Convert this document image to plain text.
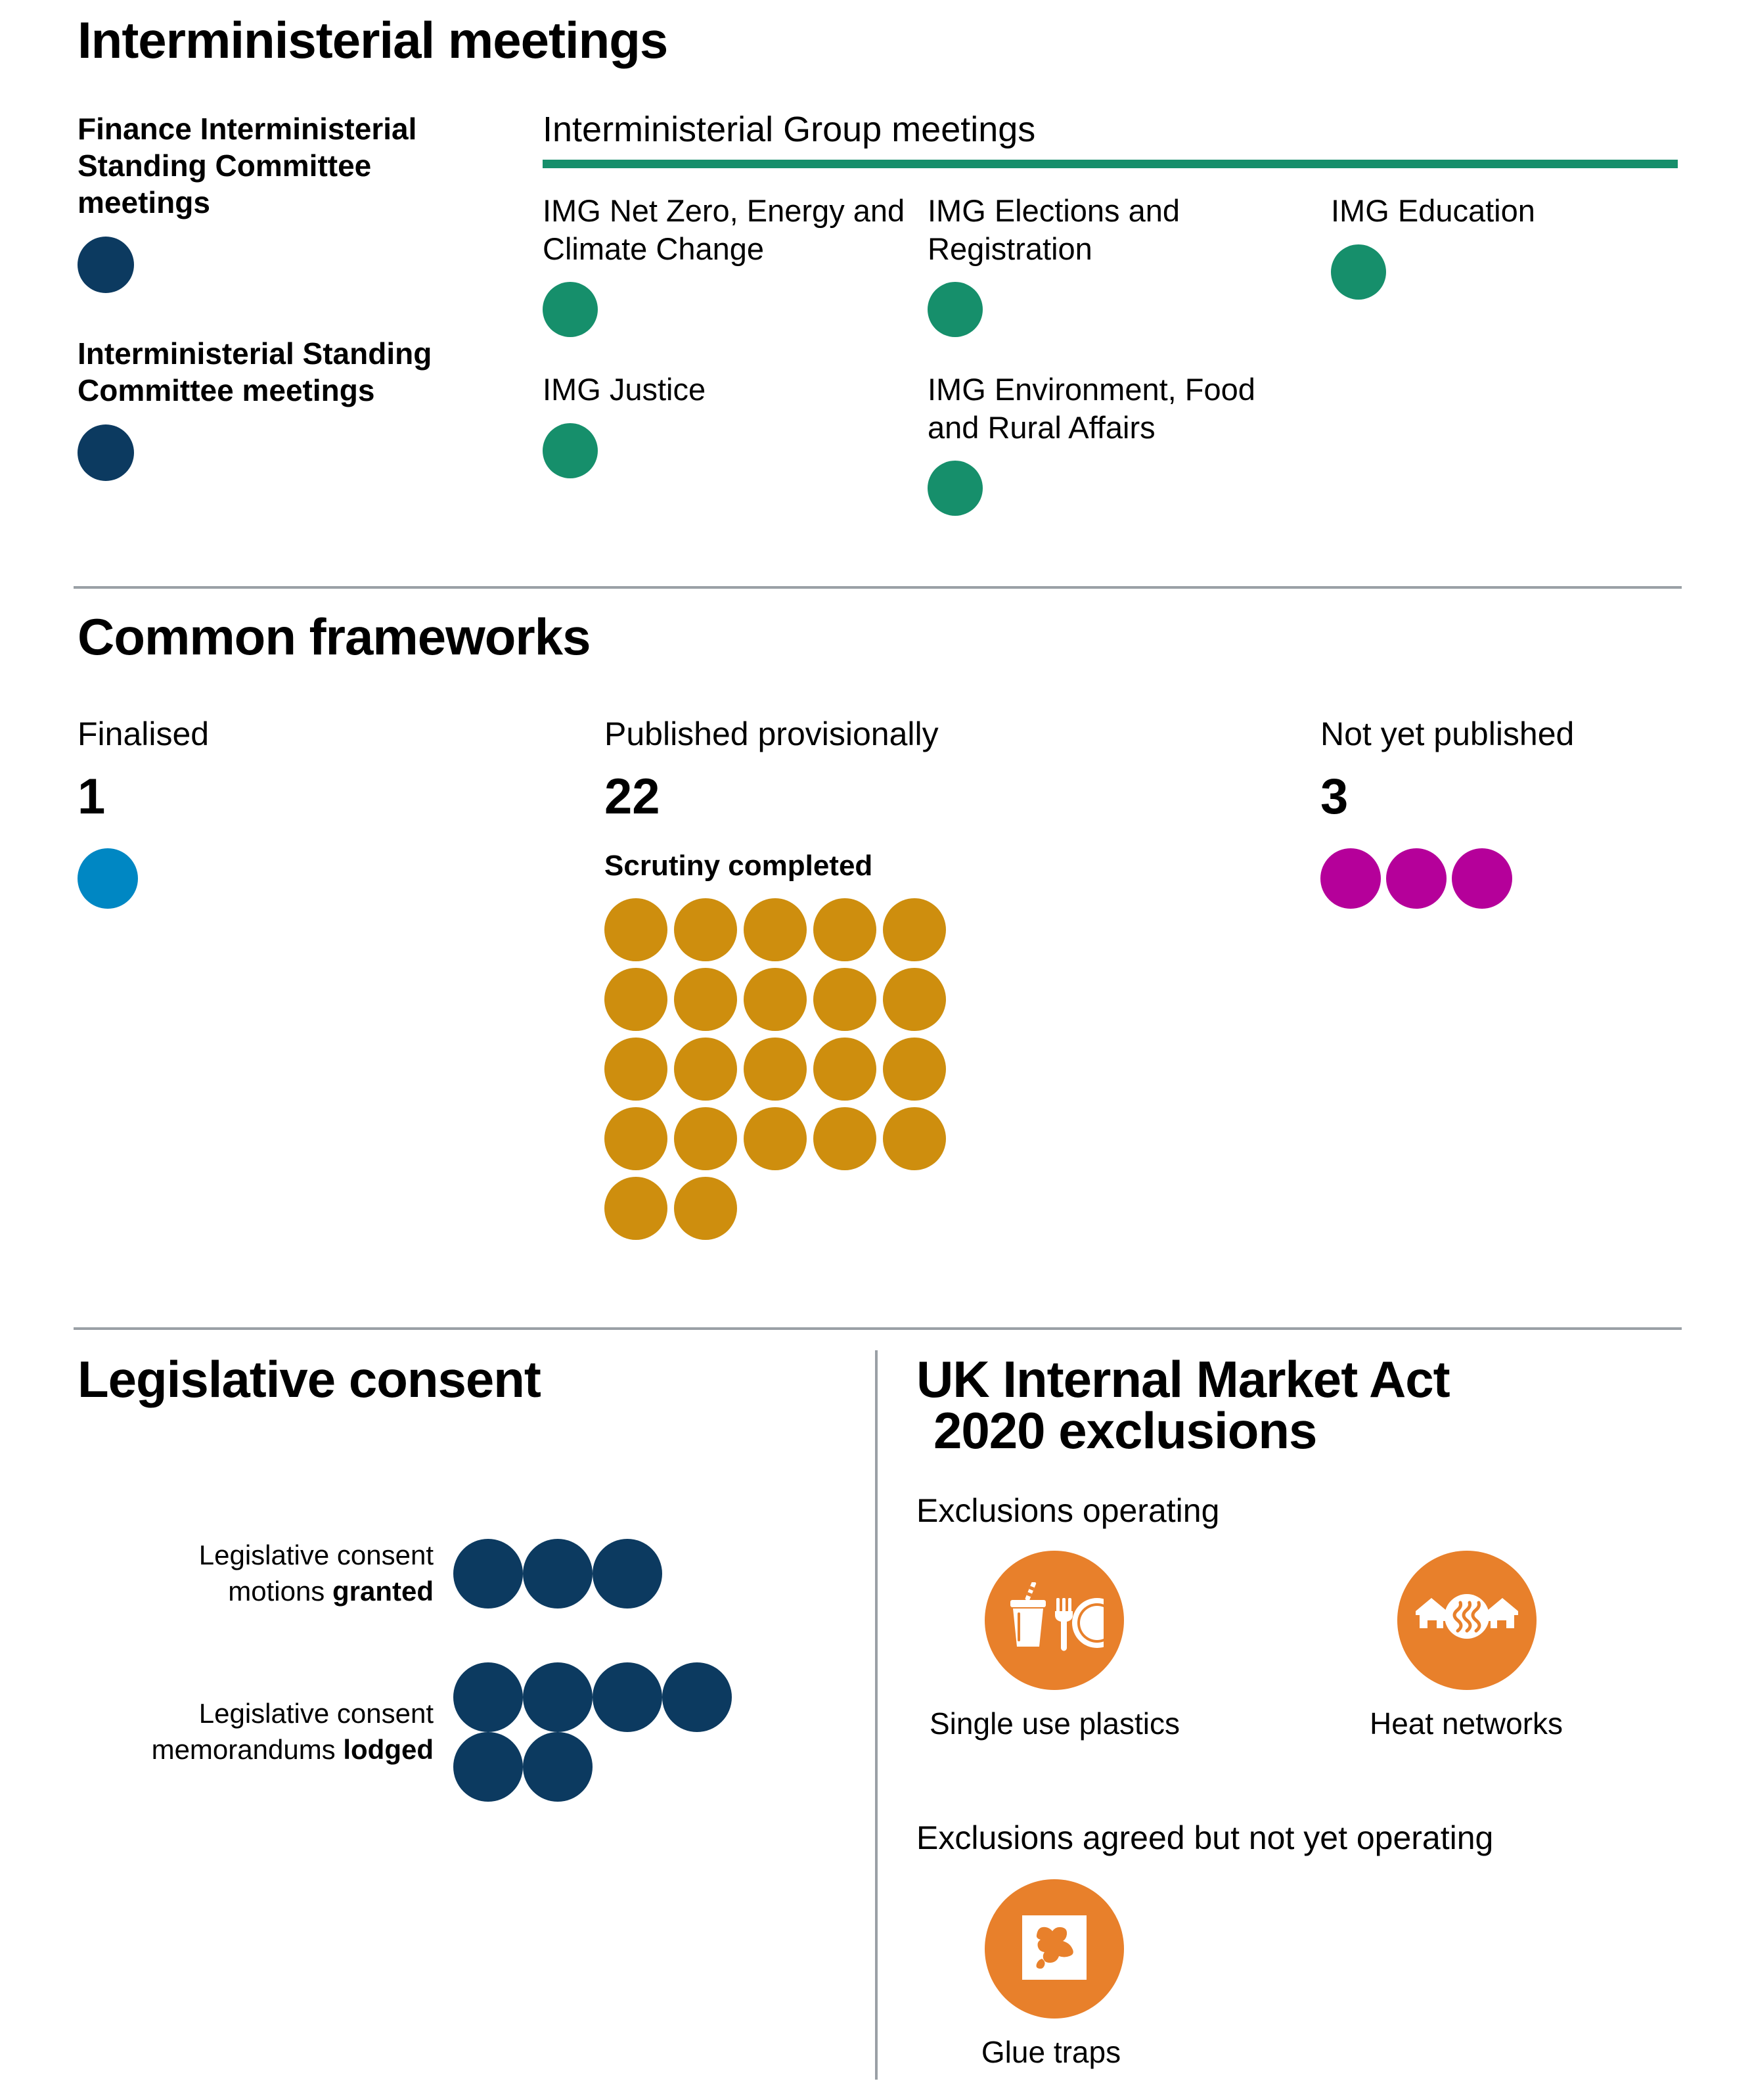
Interministerial meetings
Finance Interministerial Standing Committee meetings
Interministerial Standing Committee meetings
Interministerial Group meetings
IMG Net Zero, Energy and Climate Change
IMG Elections and Registration
IMG Education
IMG Justice	IMG Environment, Food and Rural Affairs
Common frameworks
Finalised
1
Published provisionally
22
Scrutiny completed
Not yet published
3
Legislative consent
Legislative consent
motions granted
Legislative consent
memorandums lodged
UK Internal Market Act
2020 exclusions
Exclusions operating
Single use plastics	Heat networks
Exclusions agreed but not yet operating
Glue traps
